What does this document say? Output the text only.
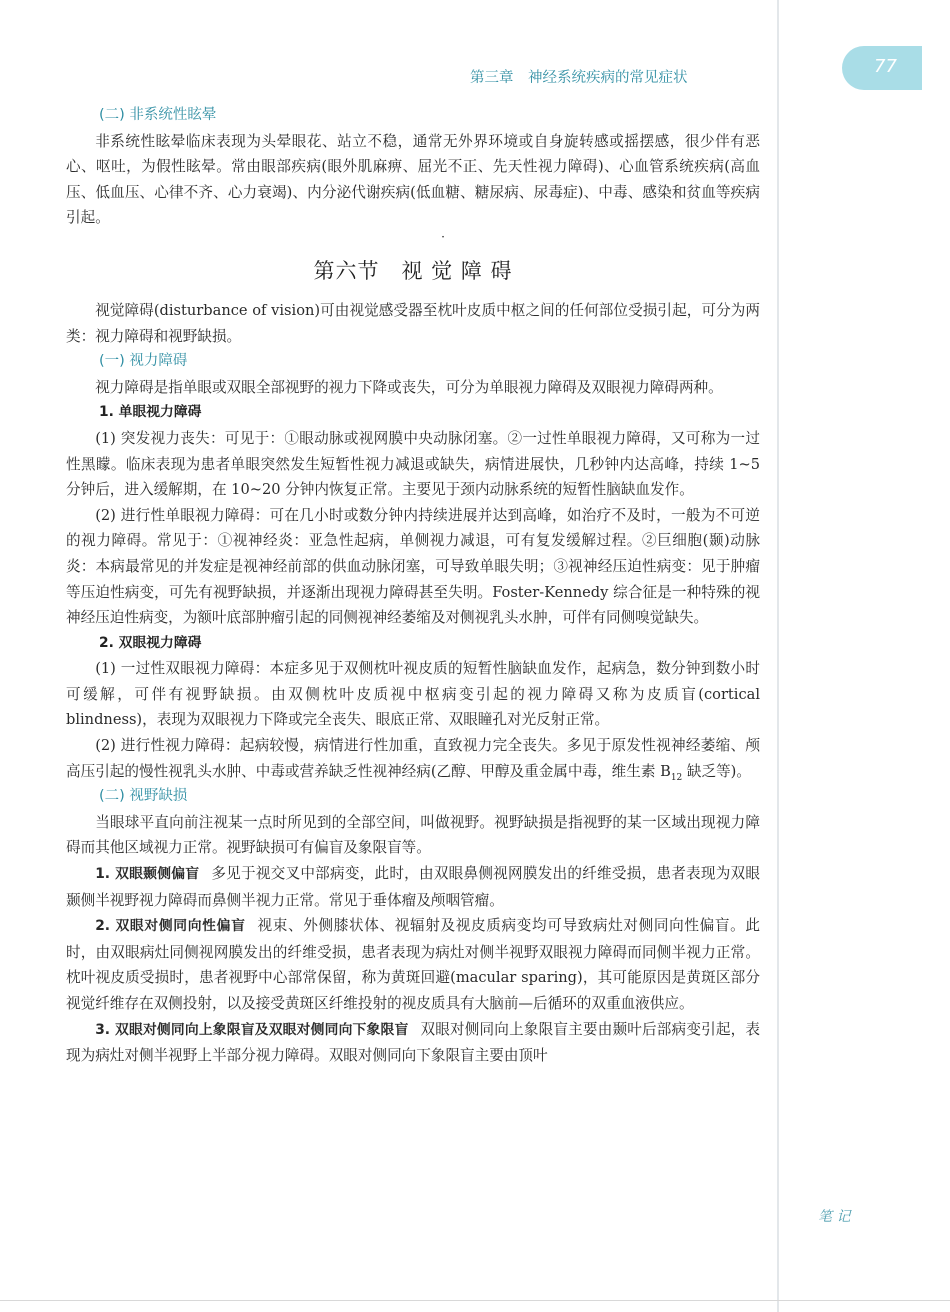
77
第三章　神经系统疾病的常见症状
笔 记
(二) 非系统性眩晕

非系统性眩晕临床表现为头晕眼花、站立不稳，通常无外界环境或自身旋转感或摇摆感，很少伴有恶心、呕吐，为假性眩晕。常由眼部疾病(眼外肌麻痹、屈光不正、先天性视力障碍)、心血管系统疾病(高血压、低血压、心律不齐、心力衰竭)、内分泌代谢疾病(低血糖、糖尿病、尿毒症)、中毒、感染和贫血等疾病引起。

·
第六节　视 觉 障 碍

视觉障碍(disturbance of vision)可由视觉感受器至枕叶皮质中枢之间的任何部位受损引起，可分为两类：视力障碍和视野缺损。

(一) 视力障碍

视力障碍是指单眼或双眼全部视野的视力下降或丧失，可分为单眼视力障碍及双眼视力障碍两种。

1. 单眼视力障碍

(1) 突发视力丧失：可见于：①眼动脉或视网膜中央动脉闭塞。②一过性单眼视力障碍，又可称为一过性黑矇。临床表现为患者单眼突然发生短暂性视力减退或缺失，病情进展快，几秒钟内达高峰，持续 1~5 分钟后，进入缓解期，在 10~20 分钟内恢复正常。主要见于颈内动脉系统的短暂性脑缺血发作。

(2) 进行性单眼视力障碍：可在几小时或数分钟内持续进展并达到高峰，如治疗不及时，一般为不可逆的视力障碍。常见于：①视神经炎：亚急性起病，单侧视力减退，可有复发缓解过程。②巨细胞(颞)动脉炎：本病最常见的并发症是视神经前部的供血动脉闭塞，可导致单眼失明；③视神经压迫性病变：见于肿瘤等压迫性病变，可先有视野缺损，并逐渐出现视力障碍甚至失明。Foster-Kennedy 综合征是一种特殊的视神经压迫性病变，为额叶底部肿瘤引起的同侧视神经萎缩及对侧视乳头水肿，可伴有同侧嗅觉缺失。

2. 双眼视力障碍

(1) 一过性双眼视力障碍：本症多见于双侧枕叶视皮质的短暂性脑缺血发作，起病急，数分钟到数小时可缓解，可伴有视野缺损。由双侧枕叶皮质视中枢病变引起的视力障碍又称为皮质盲(cortical blindness)，表现为双眼视力下降或完全丧失、眼底正常、双眼瞳孔对光反射正常。

(2) 进行性视力障碍：起病较慢，病情进行性加重，直致视力完全丧失。多见于原发性视神经萎缩、颅高压引起的慢性视乳头水肿、中毒或营养缺乏性视神经病(乙醇、甲醇及重金属中毒，维生素 $B_{12}$ 缺乏等)。

(二) 视野缺损

当眼球平直向前注视某一点时所见到的全部空间，叫做视野。视野缺损是指视野的某一区域出现视力障碍而其他区域视力正常。视野缺损可有偏盲及象限盲等。

1. 双眼颞侧偏盲 多见于视交叉中部病变，此时，由双眼鼻侧视网膜发出的纤维受损，患者表现为双眼颞侧半视野视力障碍而鼻侧半视力正常。常见于垂体瘤及颅咽管瘤。

2. 双眼对侧同向性偏盲 视束、外侧膝状体、视辐射及视皮质病变均可导致病灶对侧同向性偏盲。此时，由双眼病灶同侧视网膜发出的纤维受损，患者表现为病灶对侧半视野双眼视力障碍而同侧半视力正常。枕叶视皮质受损时，患者视野中心部常保留，称为黄斑回避(macular sparing)，其可能原因是黄斑区部分视觉纤维存在双侧投射，以及接受黄斑区纤维投射的视皮质具有大脑前—后循环的双重血液供应。

3. 双眼对侧同向上象限盲及双眼对侧同向下象限盲 双眼对侧同向上象限盲主要由颞叶后部病变引起，表现为病灶对侧半视野上半部分视力障碍。双眼对侧同向下象限盲主要由顶叶
